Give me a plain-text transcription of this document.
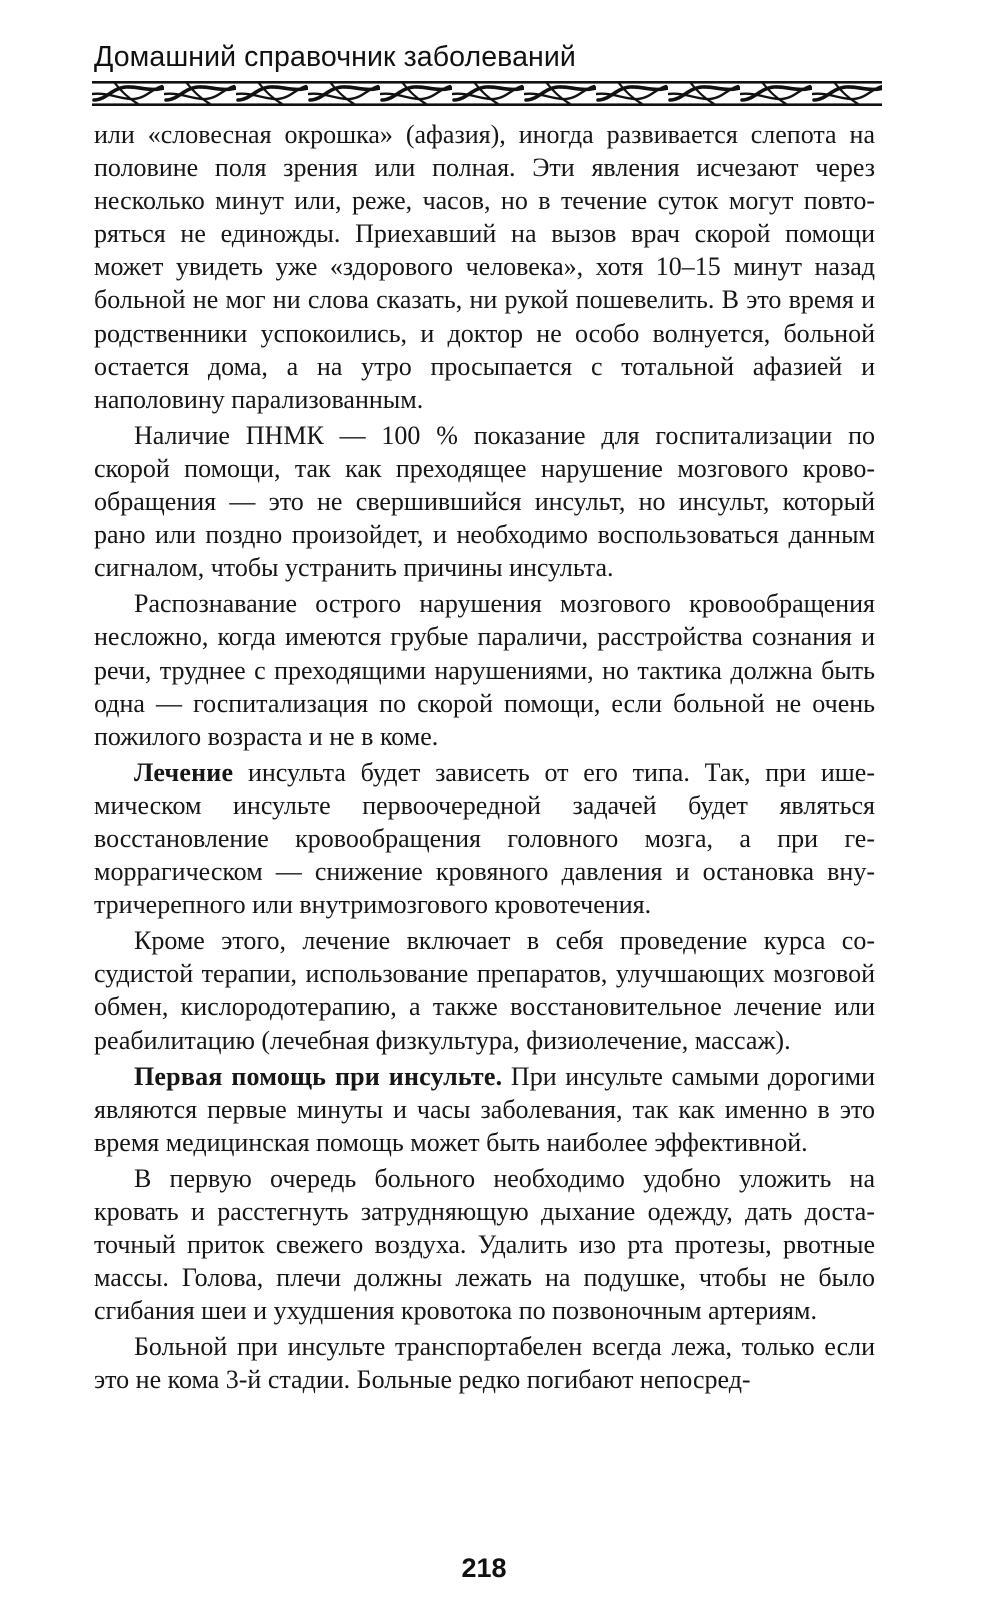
Домашний справочник заболеваний

или «словесная окрошка» (афазия), иногда развивается слепота на половине поля зрения или полная. Эти явления исчезают через несколько минут или, реже, часов, но в течение суток могут повторяться не единожды. Приехавший на вызов врач скорой помощи может увидеть уже «здорового человека», хотя 10–15 минут назад больной не мог ни слова сказать, ни рукой пошевелить. В это время и родственники успокоились, и доктор не особо волнуется, больной остается дома, а на утро просыпается с тотальной афазией и наполовину парализованным.

Наличие ПНМК — 100 % показание для госпитализации по скорой помощи, так как преходящее нарушение мозгового кровообращения — это не свершившийся инсульт, но инсульт, который рано или поздно произойдет, и необходимо воспользоваться данным сигналом, чтобы устранить причины инсульта.

Распознавание острого нарушения мозгового кровообращения несложно, когда имеются грубые параличи, расстройства сознания и речи, труднее с преходящими нарушениями, но тактика должна быть одна — госпитализация по скорой помощи, если больной не очень пожилого возраста и не в коме.

Лечение инсульта будет зависеть от его типа. Так, при ишемическом инсульте первоочередной задачей будет являться восстановление кровообращения головного мозга, а при геморрагическом — снижение кровяного давления и остановка внутричерепного или внутримозгового кровотечения.

Кроме этого, лечение включает в себя проведение курса сосудистой терапии, использование препаратов, улучшающих мозговой обмен, кислородотерапию, а также восстановительное лечение или реабилитацию (лечебная физкультура, физиолечение, массаж).

Первая помощь при инсульте. При инсульте самыми дорогими являются первые минуты и часы заболевания, так как именно в это время медицинская помощь может быть наиболее эффективной.

В первую очередь больного необходимо удобно уложить на кровать и расстегнуть затрудняющую дыхание одежду, дать достаточный приток свежего воздуха. Удалить изо рта протезы, рвотные массы. Голова, плечи должны лежать на подушке, чтобы не было сгибания шеи и ухудшения кровотока по позвоночным артериям.

Больной при инсульте транспортабелен всегда лежа, только если это не кома 3-й стадии. Больные редко погибают непосред-

218
